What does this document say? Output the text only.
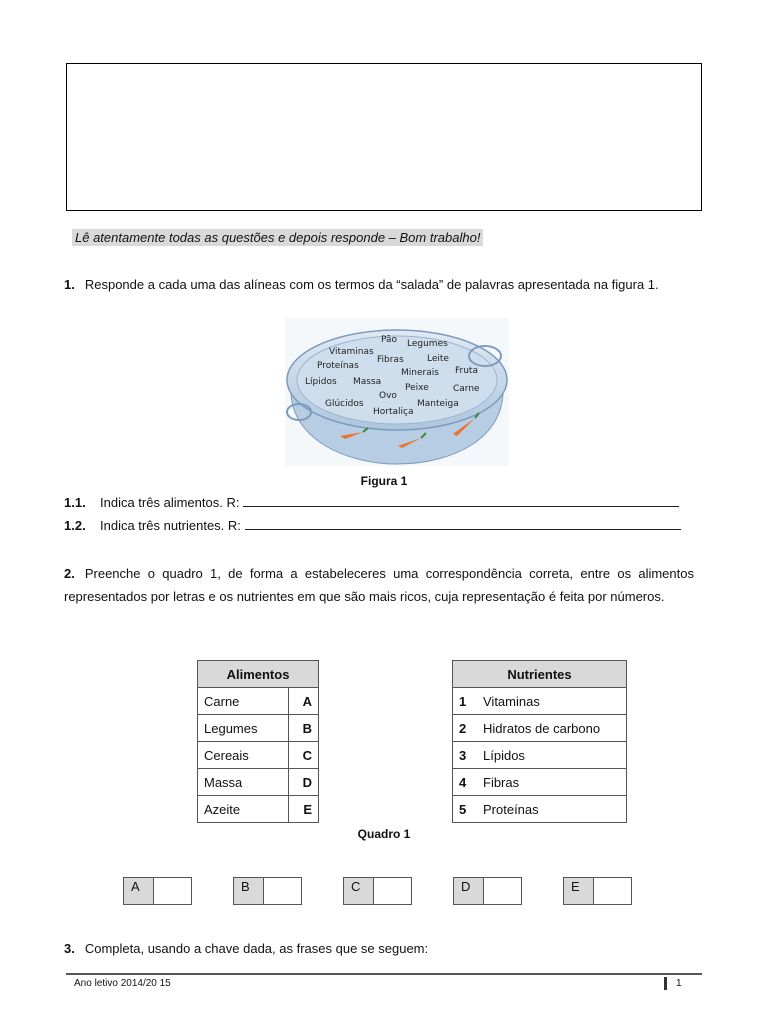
Lê atentamente todas as questões e depois responde – Bom trabalho!
1. Responde a cada uma das alíneas com os termos da “salada” de palavras apresentada na figura 1.
Pão Legumes
Vitaminas
Fibras	Leite
Proteínas
Minerais Fruta
Lípidos Massa
Peixe	Carne
Ovo
Glúcidos	Manteiga
Hortaliça
Figura 1
1.1. Indica três alimentos. R:
1.2. Indica três nutrientes. R:
2. Preenche o quadro 1, de forma a estabeleceres uma correspondência correta, entre os alimentos representados por letras e os nutrientes em que são mais ricos, cuja representação é feita por números.
Alimentos	
Carne	A
Legumes	B
Cereais	C
Massa	D
Azeite	E
Nutrientes
1 Vitaminas
2 Hidratos de carbono
3 Lípidos
4 Fibras
5 Proteínas
Quadro 1
A	B	C	D	E
3. Completa, usando a chave dada, as frases que se seguem:
Ano letivo 2014/20 15	1
